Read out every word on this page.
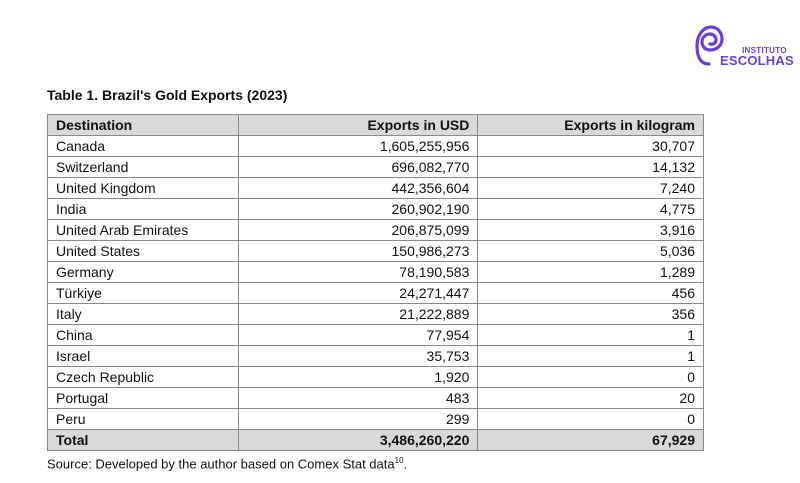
INSTITUTO
ESCOLHAS
Table 1. Brazil's Gold Exports (2023)
Destination	Exports in USD	Exports in kilogram
Canada	1,605,255,956	30,707
Switzerland	696,082,770	14,132
United Kingdom	442,356,604	7,240
India	260,902,190	4,775
United Arab Emirates	206,875,099	3,916
United States	150,986,273	5,036
Germany	78,190,583	1,289
Türkiye	24,271,447	456
Italy	21,222,889	356
China	77,954	1
Israel	35,753	1
Czech Republic	1,920	0
Portugal	483	20
Peru	299	0
Total	3,486,260,220	67,929
Source: Developed by the author based on Comex Stat data$^{10}$.
